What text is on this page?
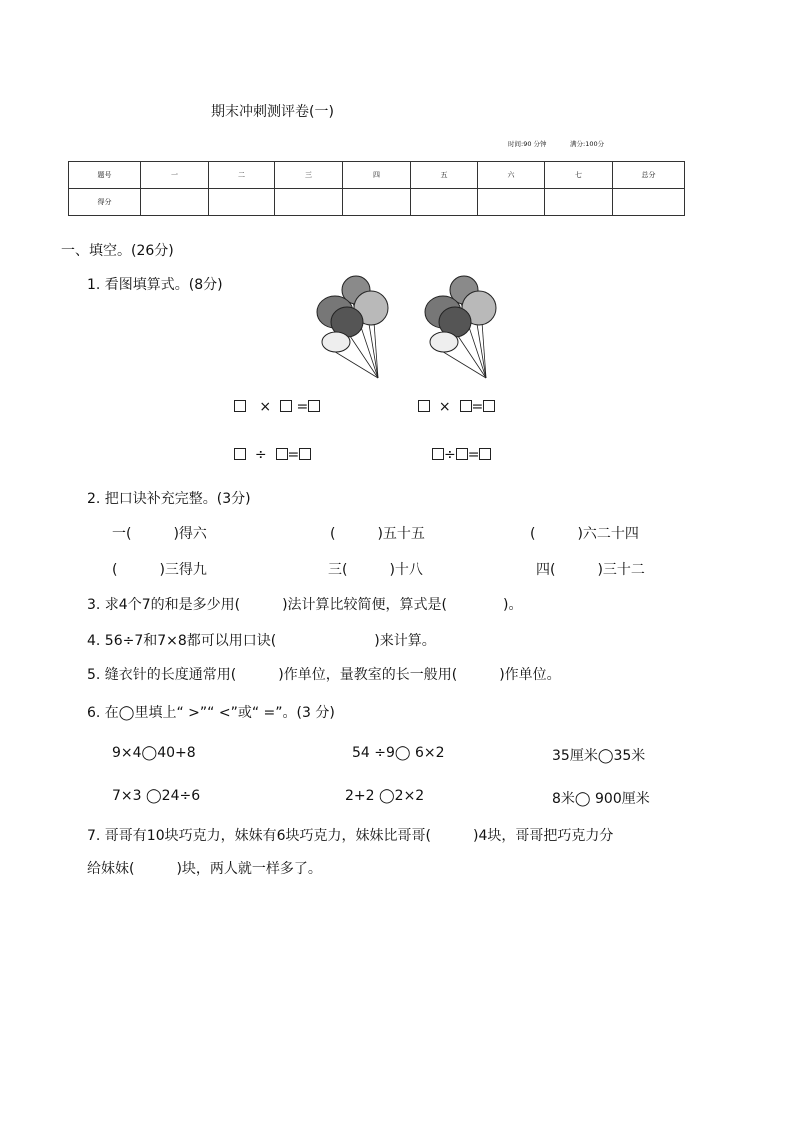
期末冲刺测评卷(一)
时间:90 分钟	满分:100分
题号	一	二	三	四	五	六	七	总分
得分								
一、填空。(26分)
1. 看图填算式。(8分)
× =	× =
÷ =	÷ =
2. 把口诀补充完整。(3分)
一(　　　)得六	(　　　)五十五	(　　　)六二十四
(　　　)三得九	三(　　　)十八	四(　　　)三十二
3. 求4个7的和是多少用(　　　)法计算比较简便，算式是(　　　　)。
4. 56÷7和7×8都可以用口诀(　　　　　　　)来计算。
5. 缝衣针的长度通常用(　　　)作单位，量教室的长一般用(　　　)作单位。
6. 在◯里填上“ >”“ <”或“ =”。(3 分)
9×4◯40+8	54 ÷9◯ 6×2	35厘米◯35米
7×3 ◯24÷6	2+2 ◯2×2	8米◯ 900厘米
7. 哥哥有10块巧克力，妹妹有6块巧克力，妹妹比哥哥(　　　)4块，哥哥把巧克力分
给妹妹(　　　)块，两人就一样多了。
